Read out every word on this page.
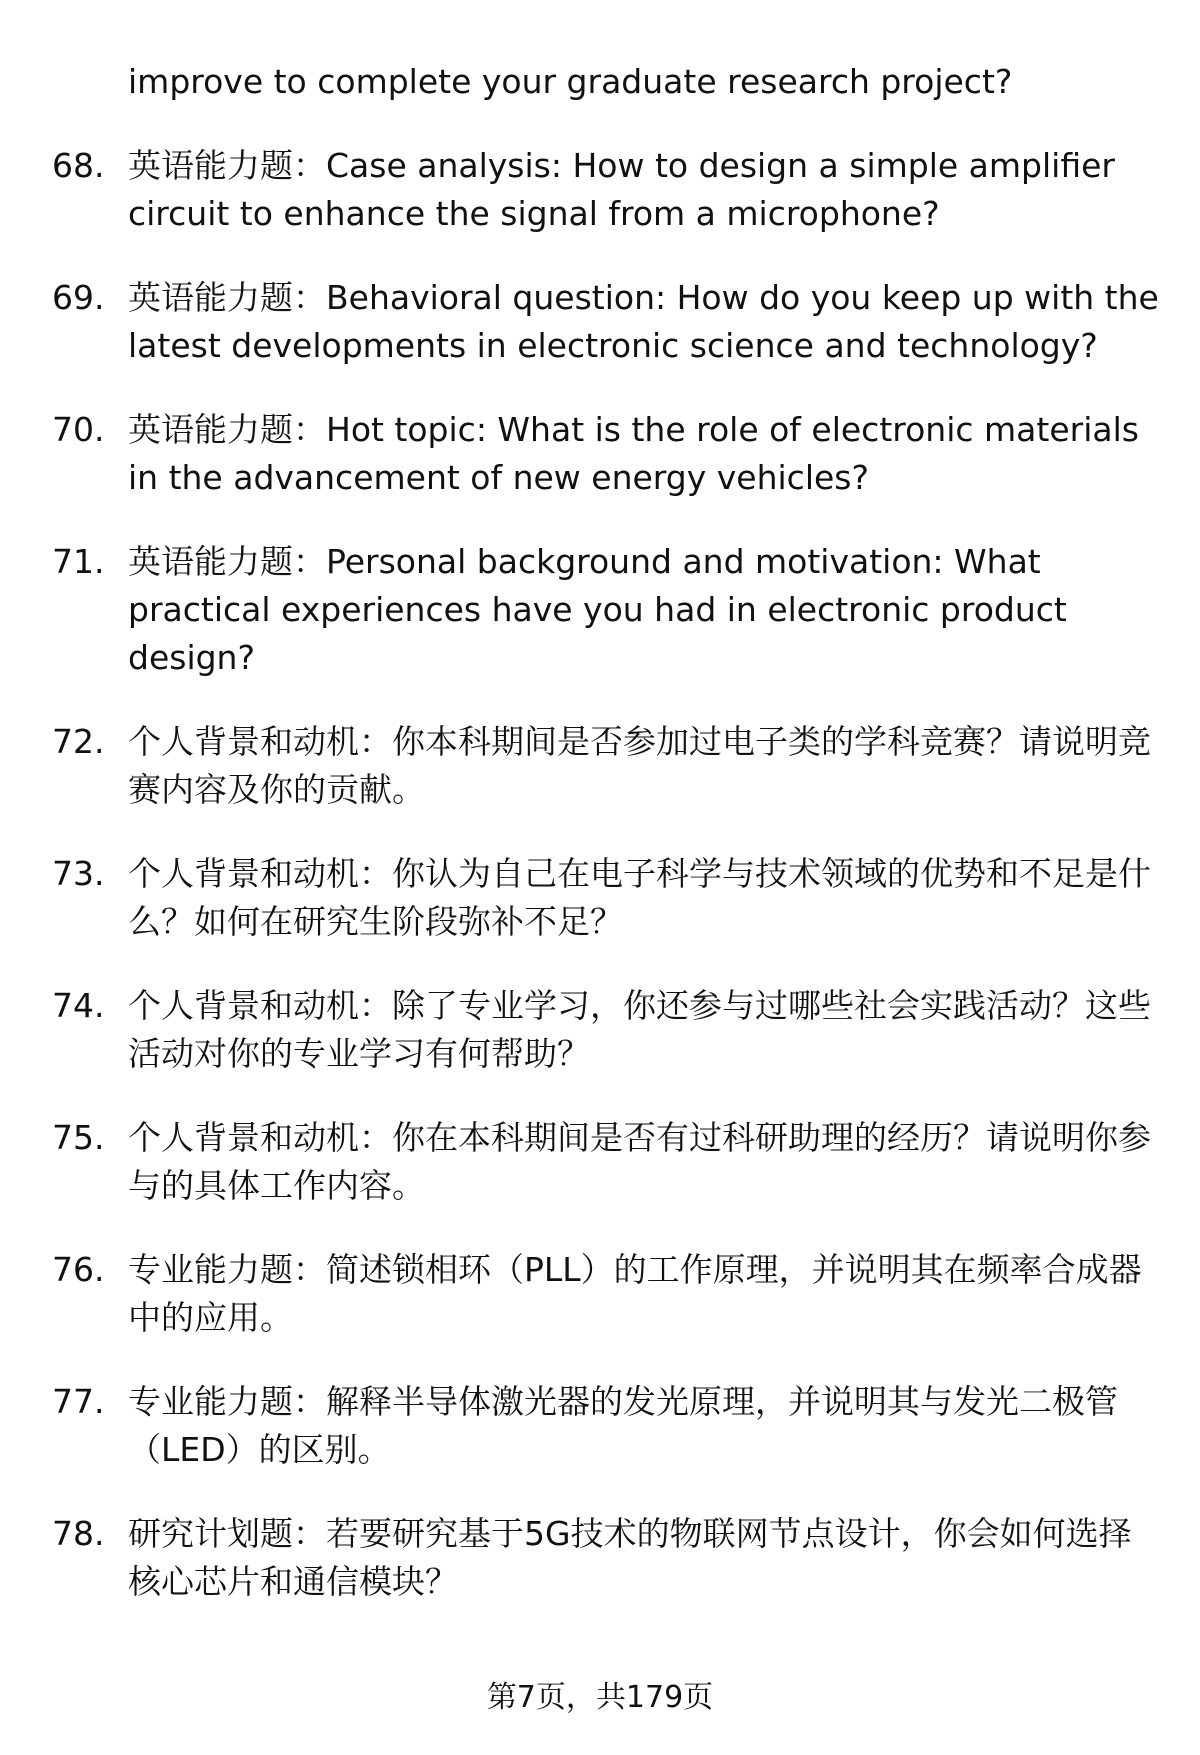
improve to complete your graduate research project?
68. 英语能力题：Case analysis: How to design a simple amplifier circuit to enhance the signal from a microphone?
69. 英语能力题：Behavioral question: How do you keep up with the latest developments in electronic science and technology?
70. 英语能力题：Hot topic: What is the role of electronic materials in the advancement of new energy vehicles?
71. 英语能力题：Personal background and motivation: What practical experiences have you had in electronic product design?
72. 个人背景和动机：你本科期间是否参加过电子类的学科竞赛？请说明竞赛内容及你的贡献。
73. 个人背景和动机：你认为自己在电子科学与技术领域的优势和不足是什么？如何在研究生阶段弥补不足？
74. 个人背景和动机：除了专业学习，你还参与过哪些社会实践活动？这些活动对你的专业学习有何帮助？
75. 个人背景和动机：你在本科期间是否有过科研助理的经历？请说明你参与的具体工作内容。
76. 专业能力题：简述锁相环（PLL）的工作原理，并说明其在频率合成器中的应用。
77. 专业能力题：解释半导体激光器的发光原理，并说明其与发光二极管（LED）的区别。
78. 研究计划题：若要研究基于5G技术的物联网节点设计，你会如何选择核心芯片和通信模块？
第7页，共179页
